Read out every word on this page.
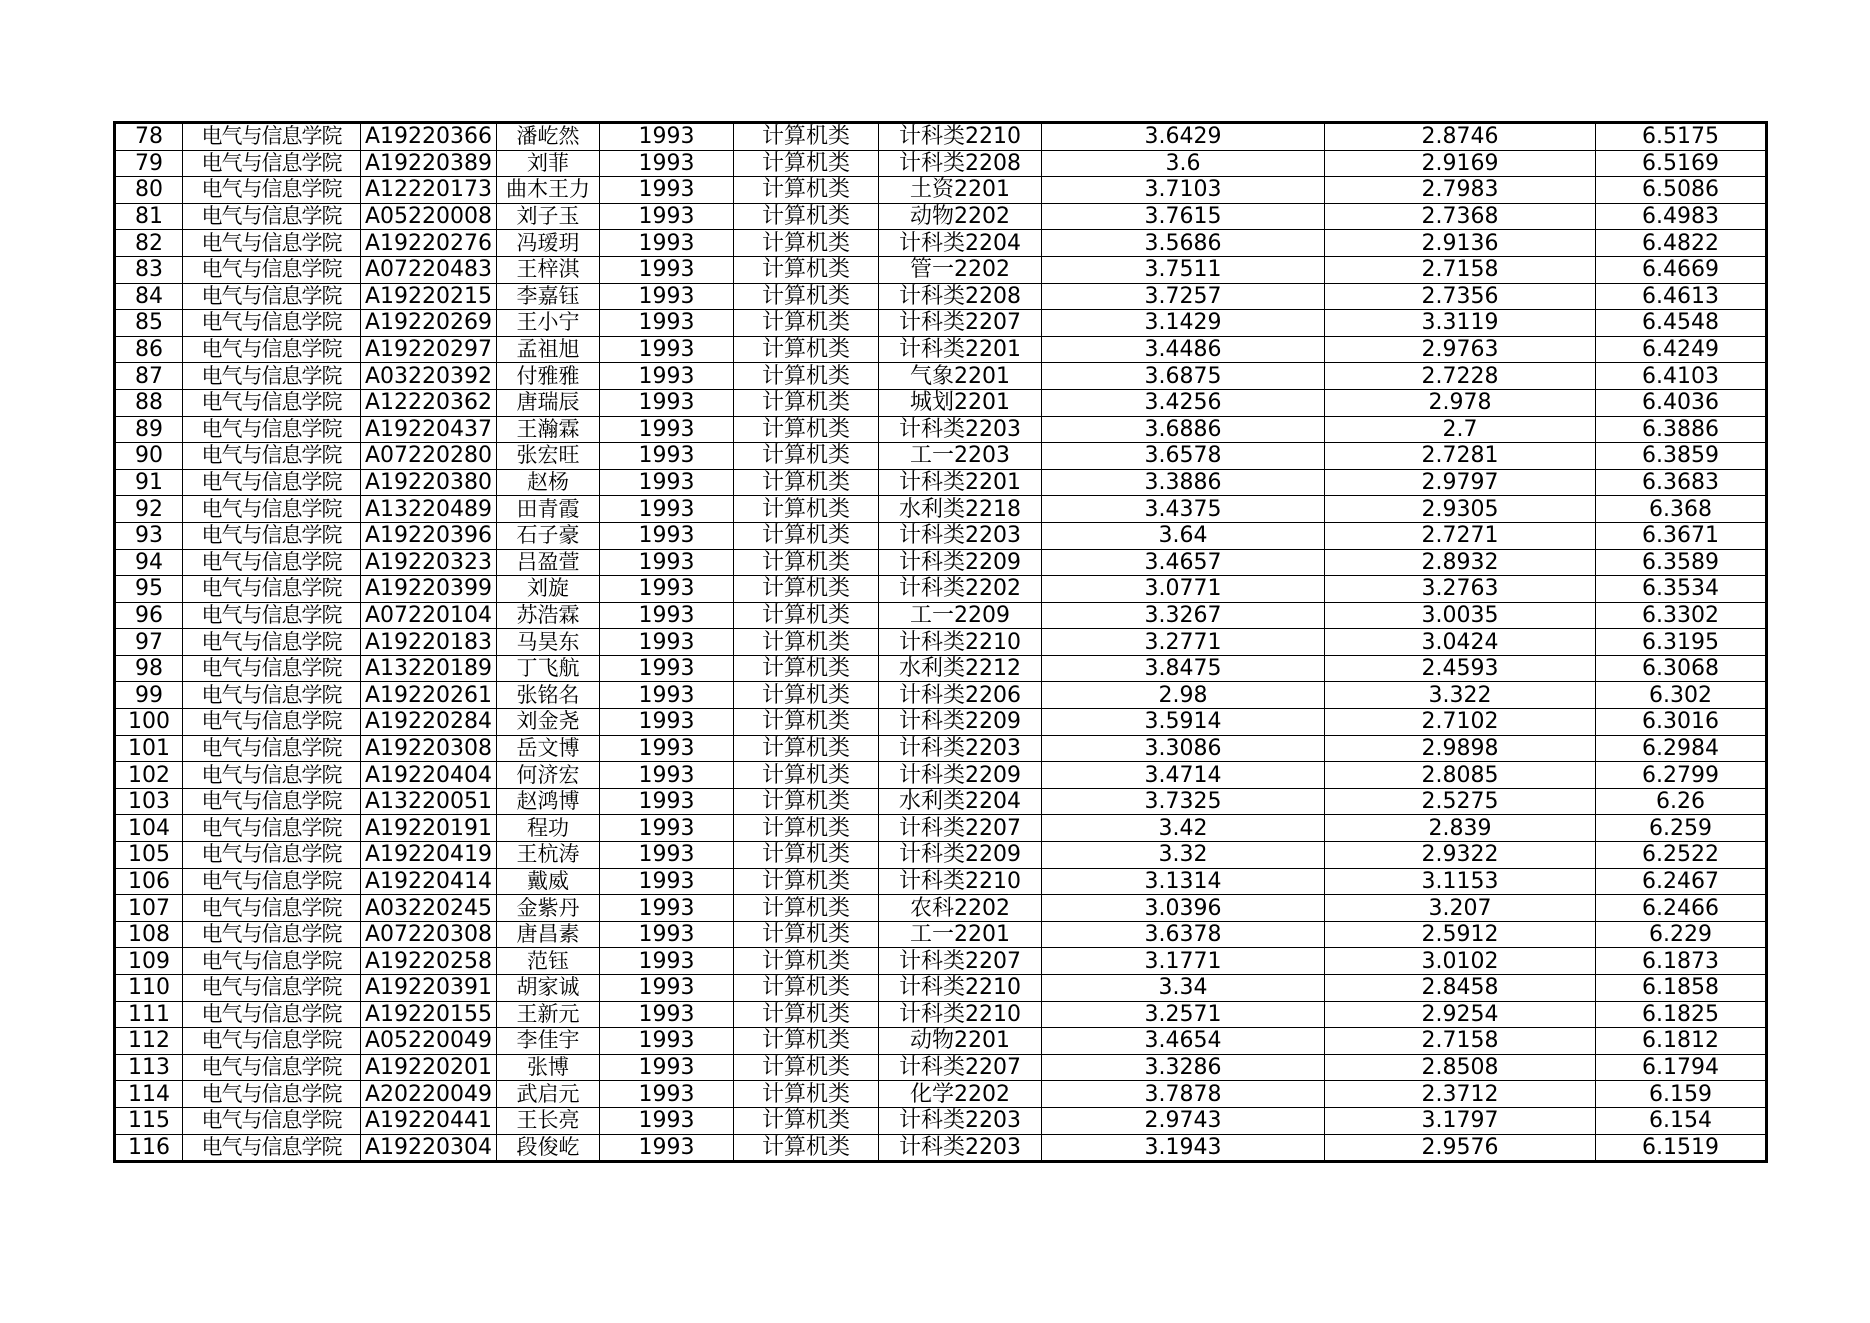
78	电气与信息学院	A19220366	潘屹然	1993	计算机类	计科类2210	3.6429	2.8746	6.5175
79	电气与信息学院	A19220389	刘菲	1993	计算机类	计科类2208	3.6	2.9169	6.5169
80	电气与信息学院	A12220173	曲木王力	1993	计算机类	土资2201	3.7103	2.7983	6.5086
81	电气与信息学院	A05220008	刘子玉	1993	计算机类	动物2202	3.7615	2.7368	6.4983
82	电气与信息学院	A19220276	冯瑷玥	1993	计算机类	计科类2204	3.5686	2.9136	6.4822
83	电气与信息学院	A07220483	王梓淇	1993	计算机类	管一2202	3.7511	2.7158	6.4669
84	电气与信息学院	A19220215	李嘉钰	1993	计算机类	计科类2208	3.7257	2.7356	6.4613
85	电气与信息学院	A19220269	王小宁	1993	计算机类	计科类2207	3.1429	3.3119	6.4548
86	电气与信息学院	A19220297	孟祖旭	1993	计算机类	计科类2201	3.4486	2.9763	6.4249
87	电气与信息学院	A03220392	付雅雅	1993	计算机类	气象2201	3.6875	2.7228	6.4103
88	电气与信息学院	A12220362	唐瑞辰	1993	计算机类	城划2201	3.4256	2.978	6.4036
89	电气与信息学院	A19220437	王瀚霖	1993	计算机类	计科类2203	3.6886	2.7	6.3886
90	电气与信息学院	A07220280	张宏旺	1993	计算机类	工一2203	3.6578	2.7281	6.3859
91	电气与信息学院	A19220380	赵杨	1993	计算机类	计科类2201	3.3886	2.9797	6.3683
92	电气与信息学院	A13220489	田青霞	1993	计算机类	水利类2218	3.4375	2.9305	6.368
93	电气与信息学院	A19220396	石子豪	1993	计算机类	计科类2203	3.64	2.7271	6.3671
94	电气与信息学院	A19220323	吕盈萱	1993	计算机类	计科类2209	3.4657	2.8932	6.3589
95	电气与信息学院	A19220399	刘旋	1993	计算机类	计科类2202	3.0771	3.2763	6.3534
96	电气与信息学院	A07220104	苏浩霖	1993	计算机类	工一2209	3.3267	3.0035	6.3302
97	电气与信息学院	A19220183	马昊东	1993	计算机类	计科类2210	3.2771	3.0424	6.3195
98	电气与信息学院	A13220189	丁飞航	1993	计算机类	水利类2212	3.8475	2.4593	6.3068
99	电气与信息学院	A19220261	张铭名	1993	计算机类	计科类2206	2.98	3.322	6.302
100	电气与信息学院	A19220284	刘金尧	1993	计算机类	计科类2209	3.5914	2.7102	6.3016
101	电气与信息学院	A19220308	岳文博	1993	计算机类	计科类2203	3.3086	2.9898	6.2984
102	电气与信息学院	A19220404	何济宏	1993	计算机类	计科类2209	3.4714	2.8085	6.2799
103	电气与信息学院	A13220051	赵鸿博	1993	计算机类	水利类2204	3.7325	2.5275	6.26
104	电气与信息学院	A19220191	程功	1993	计算机类	计科类2207	3.42	2.839	6.259
105	电气与信息学院	A19220419	王杭涛	1993	计算机类	计科类2209	3.32	2.9322	6.2522
106	电气与信息学院	A19220414	戴威	1993	计算机类	计科类2210	3.1314	3.1153	6.2467
107	电气与信息学院	A03220245	金紫丹	1993	计算机类	农科2202	3.0396	3.207	6.2466
108	电气与信息学院	A07220308	唐昌素	1993	计算机类	工一2201	3.6378	2.5912	6.229
109	电气与信息学院	A19220258	范钰	1993	计算机类	计科类2207	3.1771	3.0102	6.1873
110	电气与信息学院	A19220391	胡家诚	1993	计算机类	计科类2210	3.34	2.8458	6.1858
111	电气与信息学院	A19220155	王新元	1993	计算机类	计科类2210	3.2571	2.9254	6.1825
112	电气与信息学院	A05220049	李佳宇	1993	计算机类	动物2201	3.4654	2.7158	6.1812
113	电气与信息学院	A19220201	张博	1993	计算机类	计科类2207	3.3286	2.8508	6.1794
114	电气与信息学院	A20220049	武启元	1993	计算机类	化学2202	3.7878	2.3712	6.159
115	电气与信息学院	A19220441	王长亮	1993	计算机类	计科类2203	2.9743	3.1797	6.154
116	电气与信息学院	A19220304	段俊屹	1993	计算机类	计科类2203	3.1943	2.9576	6.1519
